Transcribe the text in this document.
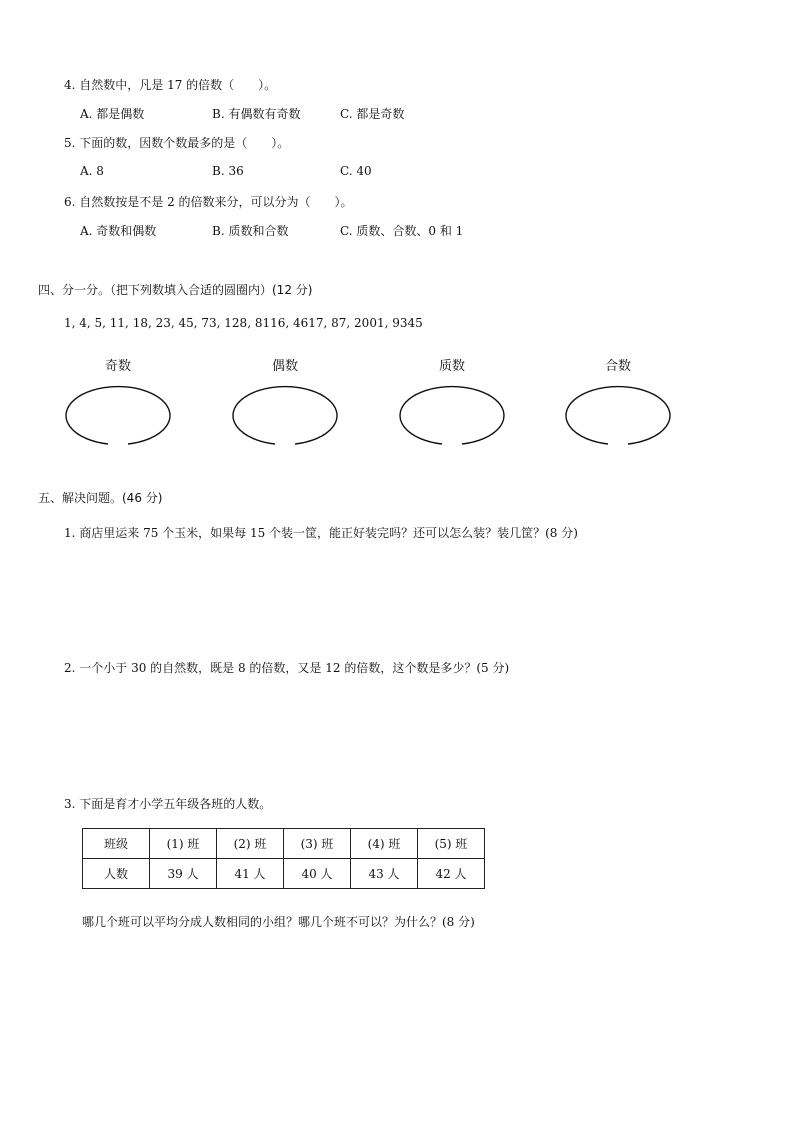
4. 自然数中，凡是 17 的倍数（　　）。
A. 都是偶数	B. 有偶数有奇数	C. 都是奇数
5. 下面的数，因数个数最多的是（　　）。
A. 8	B. 36	C. 40
6. 自然数按是不是 2 的倍数来分，可以分为（　　）。
A. 奇数和偶数	B. 质数和合数	C. 质数、合数、0 和 1
四、分一分。（把下列数填入合适的圆圈内）(12 分)
1, 4, 5, 11, 18, 23, 45, 73, 128, 8116, 4617, 87, 2001, 9345
奇数	偶数	质数	合数
五、解决问题。(46 分)
1. 商店里运来 75 个玉米，如果每 15 个装一筐，能正好装完吗？还可以怎么装？装几筐？(8 分)
2. 一个小于 30 的自然数，既是 8 的倍数，又是 12 的倍数，这个数是多少？(5 分)
3. 下面是育才小学五年级各班的人数。
班级	(1) 班	(2) 班	(3) 班	(4) 班	(5) 班
人数	39 人	41 人	40 人	43 人	42 人
哪几个班可以平均分成人数相同的小组？哪几个班不可以？为什么？(8 分)
